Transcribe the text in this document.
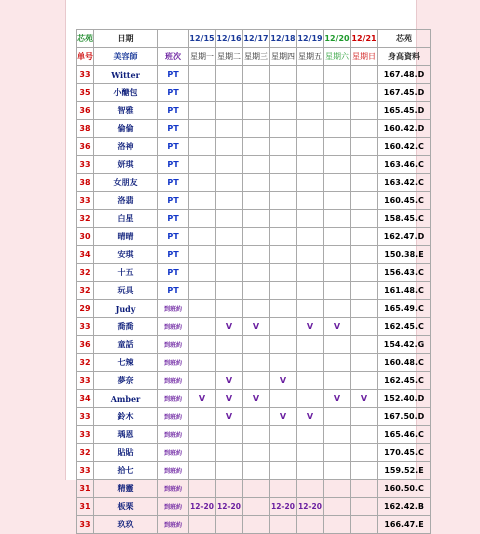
芯苑	日期		12/15	12/16	12/17	12/18	12/19	12/20	12/21	芯苑
单号	美容師	班次	星期一	星期二	星期三	星期四	星期五	星期六	星期日	身高資料
33	Witter	PT								167.48.D
35	小醣包	PT								167.45.D
36	智雅	PT								165.45.D
38	倫倫	PT								160.42.D
36	洛神	PT								160.42.C
33	妍琪	PT								163.46.C
38	女朋友	PT								163.42.C
33	洛翡	PT								160.45.C
32	白星	PT								158.45.C
30	晴晴	PT								162.47.D
34	安琪	PT								150.38.E
32	十五	PT								156.43.C
32	玩具	PT								161.48.C
29	Judy	到班約								165.49.C
33	喬喬	到班約		V	V		V	V		162.45.C
36	童話	到班約								154.42.G
32	七辣	到班約								160.48.C
33	夢奈	到班約		V		V				162.45.C
34	Amber	到班約	V	V	V			V	V	152.40.D
33	鈴木	到班約		V		V	V			167.50.D
33	瑀恩	到班約								165.46.C
32	貼貼	到班約								170.45.C
33	拾七	到班約								159.52.E
31	精靈	到班約								160.50.C
31	板栗	到班約	12-20	12-20		12-20	12-20			162.42.B
33	玖玖	到班約								166.47.E
